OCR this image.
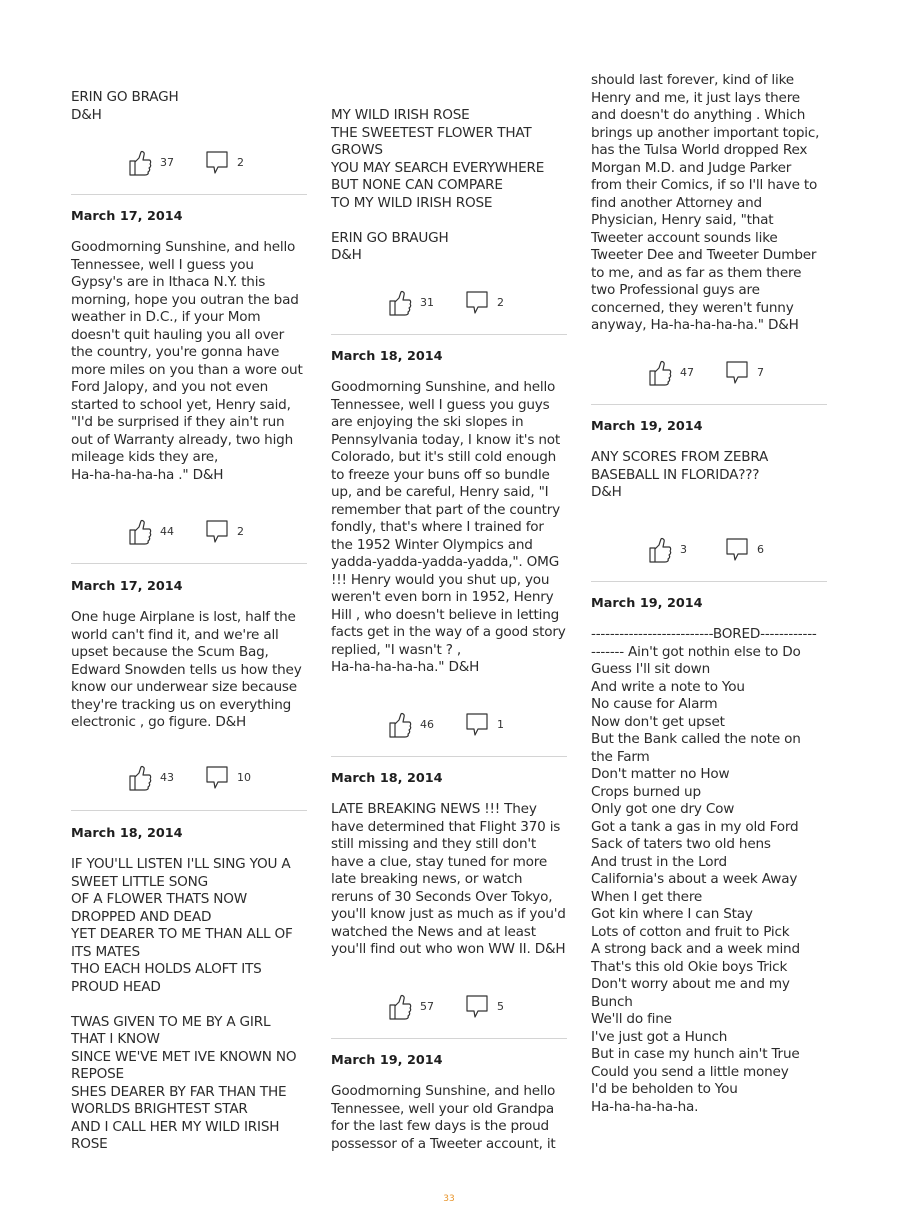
ERIN GO BRAGH
D&H

37	2

March 17, 2014

Goodmorning Sunshine, and hello
Tennessee, well I guess you
Gypsy's are in Ithaca N.Y. this
morning, hope you outran the bad
weather in D.C., if your Mom
doesn't quit hauling you all over
the country, you're gonna have
more miles on you than a wore out
Ford Jalopy, and you not even
started to school yet, Henry said,
"I'd be surprised if they ain't run
out of Warranty already, two high
mileage kids they are,
Ha-ha-ha-ha-ha ." D&H

44	2

March 17, 2014

One huge Airplane is lost, half the
world can't find it, and we're all
upset because the Scum Bag,
Edward Snowden tells us how they
know our underwear size because
they're tracking us on everything
electronic , go figure. D&H

43	10

March 18, 2014

IF YOU'LL LISTEN I'LL SING YOU A
SWEET LITTLE SONG
OF A FLOWER THATS NOW
DROPPED AND DEAD
YET DEARER TO ME THAN ALL OF
ITS MATES
THO EACH HOLDS ALOFT ITS
PROUD HEAD

TWAS GIVEN TO ME BY A GIRL
THAT I KNOW
SINCE WE'VE MET IVE KNOWN NO
REPOSE
SHES DEARER BY FAR THAN THE
WORLDS BRIGHTEST STAR
AND I CALL HER MY WILD IRISH
ROSE

MY WILD IRISH ROSE
THE SWEETEST FLOWER THAT
GROWS
YOU MAY SEARCH EVERYWHERE
BUT NONE CAN COMPARE
TO MY WILD IRISH ROSE

ERIN GO BRAUGH
D&H

31	2

March 18, 2014

Goodmorning Sunshine, and hello
Tennessee, well I guess you guys
are enjoying the ski slopes in
Pennsylvania today, I know it's not
Colorado, but it's still cold enough
to freeze your buns off so bundle
up, and be careful, Henry said, "I
remember that part of the country
fondly, that's where I trained for
the 1952 Winter Olympics and
yadda-yadda-yadda-yadda,". OMG
!!! Henry would you shut up, you
weren't even born in 1952, Henry
Hill , who doesn't believe in letting
facts get in the way of a good story
replied, "I wasn't ? ,
Ha-ha-ha-ha-ha." D&H

46	1

March 18, 2014

LATE BREAKING NEWS !!! They
have determined that Flight 370 is
still missing and they still don't
have a clue, stay tuned for more
late breaking news, or watch
reruns of 30 Seconds Over Tokyo,
you'll know just as much as if you'd
watched the News and at least
you'll find out who won WW II. D&H

57	5

March 19, 2014

Goodmorning Sunshine, and hello
Tennessee, well your old Grandpa
for the last few days is the proud
possessor of a Tweeter account, it

should last forever, kind of like
Henry and me, it just lays there
and doesn't do anything . Which
brings up another important topic,
has the Tulsa World dropped Rex
Morgan M.D. and Judge Parker
from their Comics, if so I'll have to
find another Attorney and
Physician, Henry said, "that
Tweeter account sounds like
Tweeter Dee and Tweeter Dumber
to me, and as far as them there
two Professional guys are
concerned, they weren't funny
anyway, Ha-ha-ha-ha-ha." D&H

47	7

March 19, 2014

ANY SCORES FROM ZEBRA
BASEBALL IN FLORIDA???
D&H

3	6

March 19, 2014

--------------------------BORED------------
------- Ain't got nothin else to Do
Guess I'll sit down
And write a note to You
No cause for Alarm
Now don't get upset
But the Bank called the note on
the Farm
Don't matter no How
Crops burned up
Only got one dry Cow
Got a tank a gas in my old Ford
Sack of taters two old hens
And trust in the Lord
California's about a week Away
When I get there
Got kin where I can Stay
Lots of cotton and fruit to Pick
A strong back and a week mind
That's this old Okie boys Trick
Don't worry about me and my
Bunch
We'll do fine
I've just got a Hunch
But in case my hunch ain't True
Could you send a little money
I'd be beholden to You
Ha-ha-ha-ha-ha.

33
